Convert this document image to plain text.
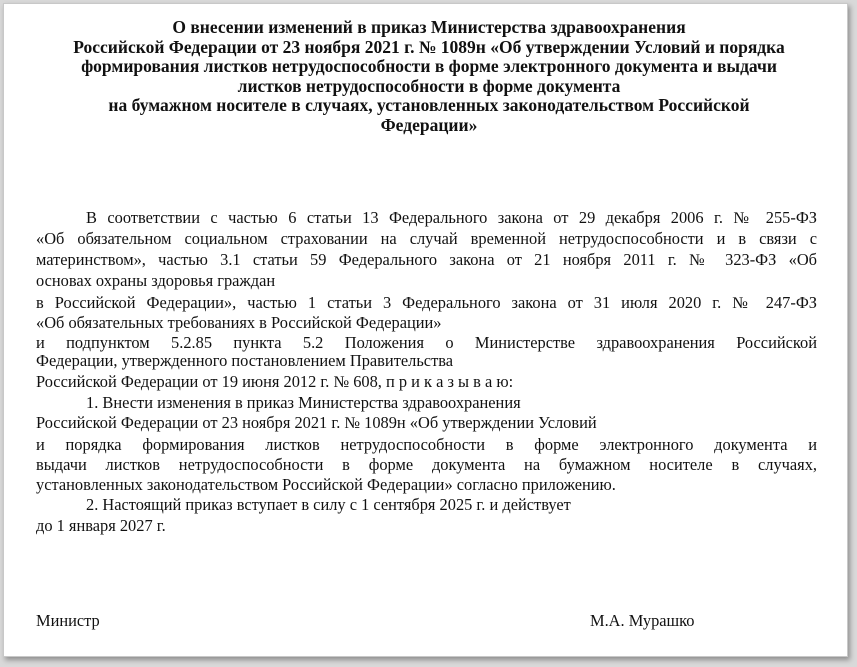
О внесении изменений в приказ Министерства здравоохранения
Российской Федерации от 23 ноября 2021 г. № 1089н «Об утверждении Условий и порядка
формирования листков нетрудоспособности в форме электронного документа и выдачи
листков нетрудоспособности в форме документа
на бумажном носителе в случаях, установленных законодательством Российской
Федерации»
В соответствии с частью 6 статьи 13 Федерального закона от 29 декабря 2006 г. № 255-ФЗ
«Об обязательном социальном страховании на случай временной нетрудоспособности и в связи с
материнством», частью 3.1 статьи 59 Федерального закона от 21 ноября 2011 г. № 323-ФЗ «Об
основах охраны здоровья граждан
в Российской Федерации», частью 1 статьи 3 Федерального закона от 31 июля 2020 г. № 247-ФЗ
«Об обязательных требованиях в Российской Федерации»
и подпунктом 5.2.85 пункта 5.2 Положения о Министерстве здравоохранения Российской
Федерации, утвержденного постановлением Правительства
Российской Федерации от 19 июня 2012 г. № 608, п р и к а з ы в а ю:
1. Внести изменения в приказ Министерства здравоохранения
Российской Федерации от 23 ноября 2021 г. № 1089н «Об утверждении Условий
и порядка формирования листков нетрудоспособности в форме электронного документа и
выдачи листков нетрудоспособности в форме документа на бумажном носителе в случаях,
установленных законодательством Российской Федерации» согласно приложению.
2. Настоящий приказ вступает в силу с 1 сентября 2025 г. и действует
до 1 января 2027 г.
Министр	М.А. Мурашко
